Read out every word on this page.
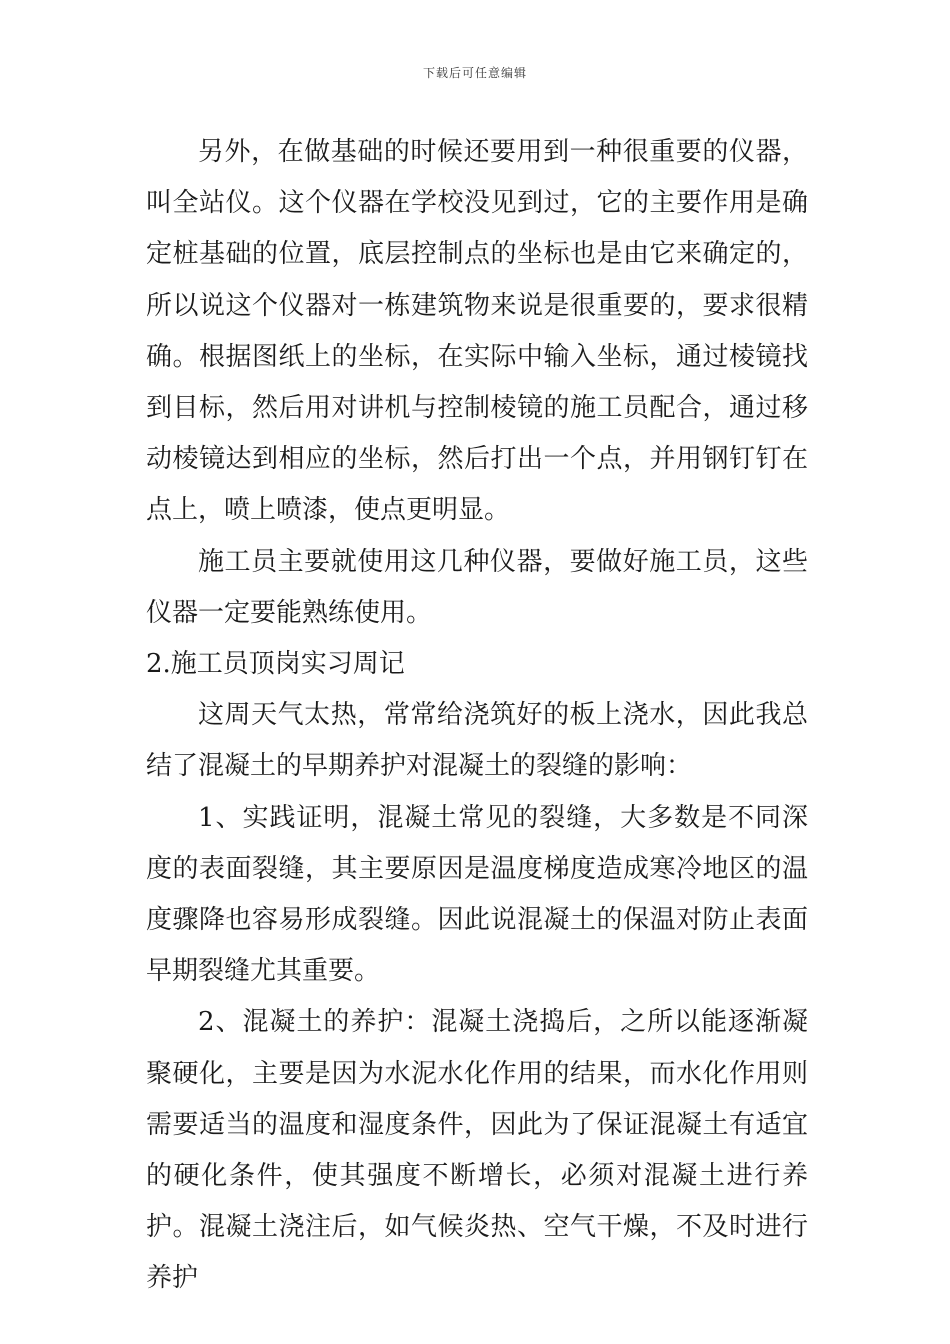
下载后可任意编辑

另外，在做基础的时候还要用到一种很重要的仪器，叫全站仪。这个仪器在学校没见到过，它的主要作用是确定桩基础的位置，底层控制点的坐标也是由它来确定的，所以说这个仪器对一栋建筑物来说是很重要的，要求很精确。根据图纸上的坐标，在实际中输入坐标，通过棱镜找到目标，然后用对讲机与控制棱镜的施工员配合，通过移动棱镜达到相应的坐标，然后打出一个点，并用钢钉钉在点上，喷上喷漆，使点更明显。

施工员主要就使用这几种仪器，要做好施工员，这些仪器一定要能熟练使用。

2.施工员顶岗实习周记

这周天气太热，常常给浇筑好的板上浇水，因此我总结了混凝土的早期养护对混凝土的裂缝的影响：

1、实践证明，混凝土常见的裂缝，大多数是不同深度的表面裂缝，其主要原因是温度梯度造成寒冷地区的温度骤降也容易形成裂缝。因此说混凝土的保温对防止表面早期裂缝尤其重要。

2、混凝土的养护：混凝土浇捣后，之所以能逐渐凝聚硬化，主要是因为水泥水化作用的结果，而水化作用则需要适当的温度和湿度条件，因此为了保证混凝土有适宜的硬化条件，使其强度不断增长，必须对混凝土进行养护。混凝土浇注后，如气候炎热、空气干燥，不及时进行养护
